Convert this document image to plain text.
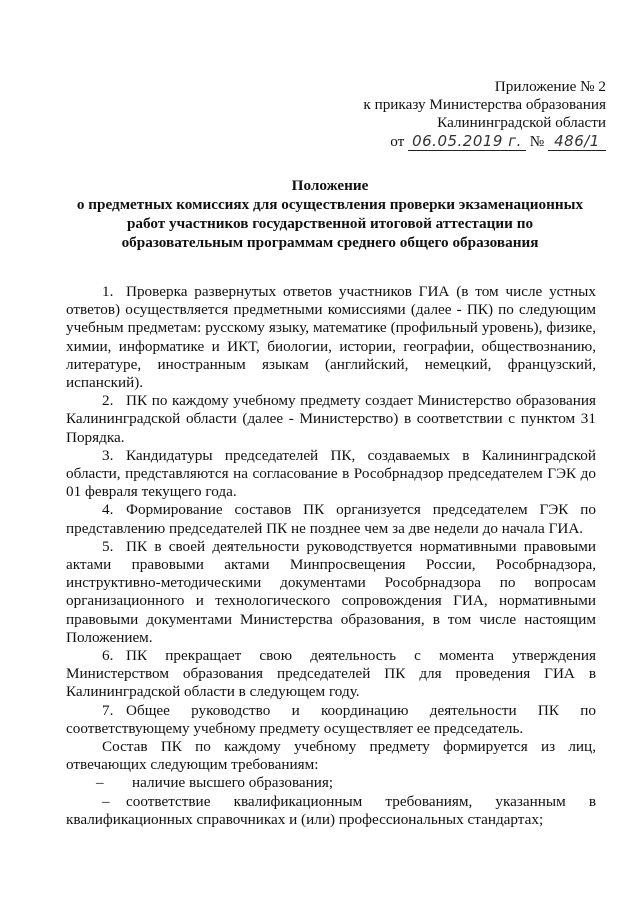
Приложение № 2
к приказу Министерства образования
Калининградской области
от 06.05.2019 г. № 486/1
Положение
о предметных комиссиях для осуществления проверки экзаменационных
работ участников государственной итоговой аттестации по
образовательным программам среднего общего образования

1. Проверка развернутых ответов участников ГИА (в том числе устных ответов) осуществляется предметными комиссиями (далее - ПК) по следующим учебным предметам: русскому языку, математике (профильный уровень), физике, химии, информатике и ИКТ, биологии, истории, географии, обществознанию, литературе, иностранным языкам (английский, немецкий, французский, испанский).

2. ПК по каждому учебному предмету создает Министерство образования Калининградской области (далее - Министерство) в соответствии с пунктом 31 Порядка.

3. Кандидатуры председателей ПК, создаваемых в Калининградской области, представляются на согласование в Рособрнадзор председателем ГЭК до 01 февраля текущего года.

4. Формирование составов ПК организуется председателем ГЭК по представлению председателей ПК не позднее чем за две недели до начала ГИА.

5. ПК в своей деятельности руководствуется нормативными правовыми актами правовыми актами Минпросвещения России, Рособрнадзора, инструктивно-методическими документами Рособрнадзора по вопросам организационного и технологического сопровождения ГИА, нормативными правовыми документами Министерства образования, в том числе настоящим Положением.

6. ПК прекращает свою деятельность с момента утверждения Министерством образования председателей ПК для проведения ГИА в Калининградской области в следующем году.

7. Общее руководство и координацию деятельности ПК по соответствующему учебному предмету осуществляет ее председатель.

Состав ПК по каждому учебному предмету формируется из лиц, отвечающих следующим требованиям:

–	наличие высшего образования;

– соответствие квалификационным требованиям, указанным в квалификационных справочниках и (или) профессиональных стандартах;
